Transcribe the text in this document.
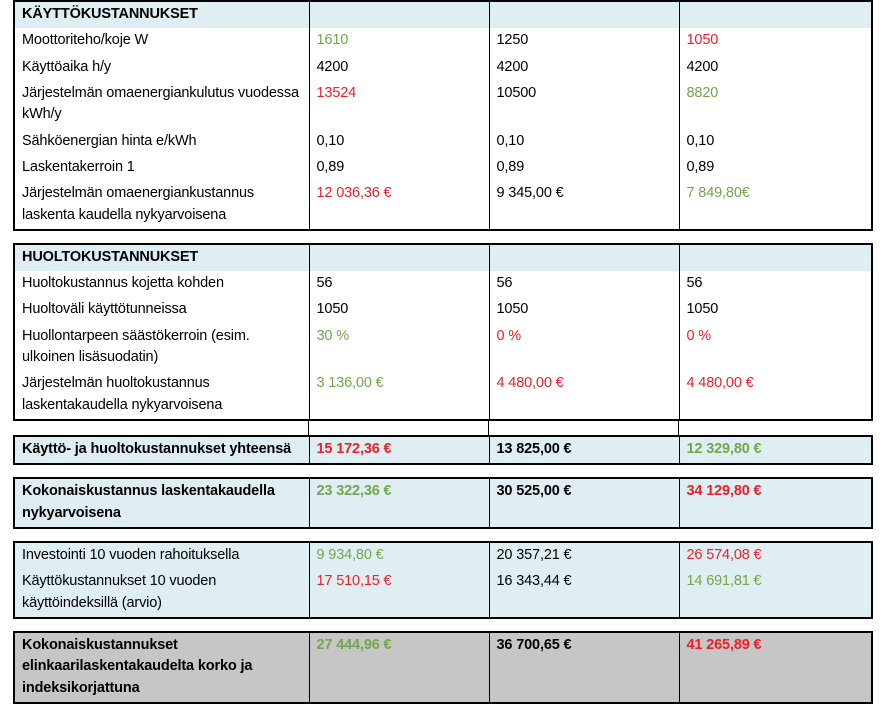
KÄYTTÖKUSTANNUKSET			
Moottoriteho/koje W	1610	1250	1050
Käyttöaika h/y	4200	4200	4200
Järjestelmän omaenergiankulutus vuodessa kWh/y	13524	10500	8820
Sähköenergian hinta e/kWh	0,10	0,10	0,10
Laskentakerroin 1	0,89	0,89	0,89
Järjestelmän omaenergiankustannus laskenta kaudella nykyarvoisena	12 036,36 €	9 345,00 €	7 849,80€
HUOLTOKUSTANNUKSET			
Huoltokustannus kojetta kohden	56	56	56
Huoltoväli käyttötunneissa	1050	1050	1050
Huollontarpeen säästökerroin (esim. ulkoinen lisäsuodatin)	30 %	0 %	0 %
Järjestelmän huoltokustannus laskentakaudella nykyarvoisena	3 136,00 €	4 480,00 €	4 480,00 €

Käyttö- ja huoltokustannukset yhteensä	15 172,36 €	13 825,00 €	12 329,80 €
Kokonaiskustannus laskentakaudella nykyarvoisena	23 322,36 €	30 525,00 €	34 129,80 €
Investointi 10 vuoden rahoituksella	9 934,80 €	20 357,21 €	26 574,08 €
Käyttökustannukset 10 vuoden käyttöindeksillä (arvio)	17 510,15 €	16 343,44 €	14 691,81 €
Kokonaiskustannukset elinkaarilaskentakaudelta korko ja indeksikorjattuna	27 444,96 €	36 700,65 €	41 265,89 €
